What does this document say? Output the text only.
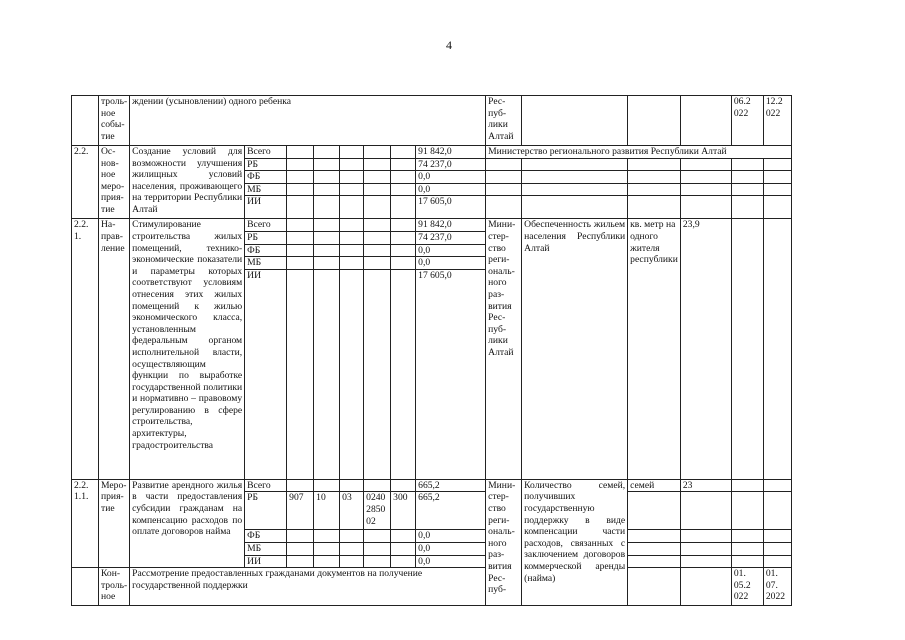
4
	трольное событие	ждении (усыновлении) одного ребенка								Республики Алтай				06.2 022	12.2 022
2.2.	Основное мероприятие	Создание условий для возможности улучшения жилищных условий населения, проживающего на территории Республики Алтай	Всего						91 842,0	Министерство регионального развития Республики Алтай					
			РБ						74 237,0						
			ФБ						0,0						
			МБ						0,0						
			ИИ						17 605,0						
2.2. 1.	Направление	Стимулирование строительства жилых помещений, технико-экономические показатели и параметры которых соответствуют условиям отнесения этих жилых помещений к жилью экономического класса, установленным федеральным органом исполнительной власти, осуществляющим функции по выработке государственной политики и нормативно – правовому регулированию в сфере строительства, архитектуры, градостроительства	Всего						91 842,0	Министерство регионального развития Республики Алтай	Обеспеченность жильем населения Республики Алтай	кв. метр на одного жителя республики	23,9		
			РБ						74 237,0						
			ФБ						0,0						
			МБ						0,0						
			ИИ						17 605,0						
2.2. 1.1.	Мероприятие	Развитие арендного жилья в части предоставления субсидии гражданам на компенсацию расходов по оплате договоров найма	Всего						665,2	Министерство регионального развития Респуб-	Количество семей, получивших государственную поддержку в виде компенсации части расходов, связанных с заключением договоров коммерческой аренды (найма)	семей	23		
			РБ	907	10	03	0240 2850 02	300	665,2						
			ФБ						0,0						
			МБ						0,0						
			ИИ						0,0						
	Контрольное	Рассмотрение предоставленных гражданами документов на получение государственной поддержки												01. 05.2 022	01. 07. 2022
